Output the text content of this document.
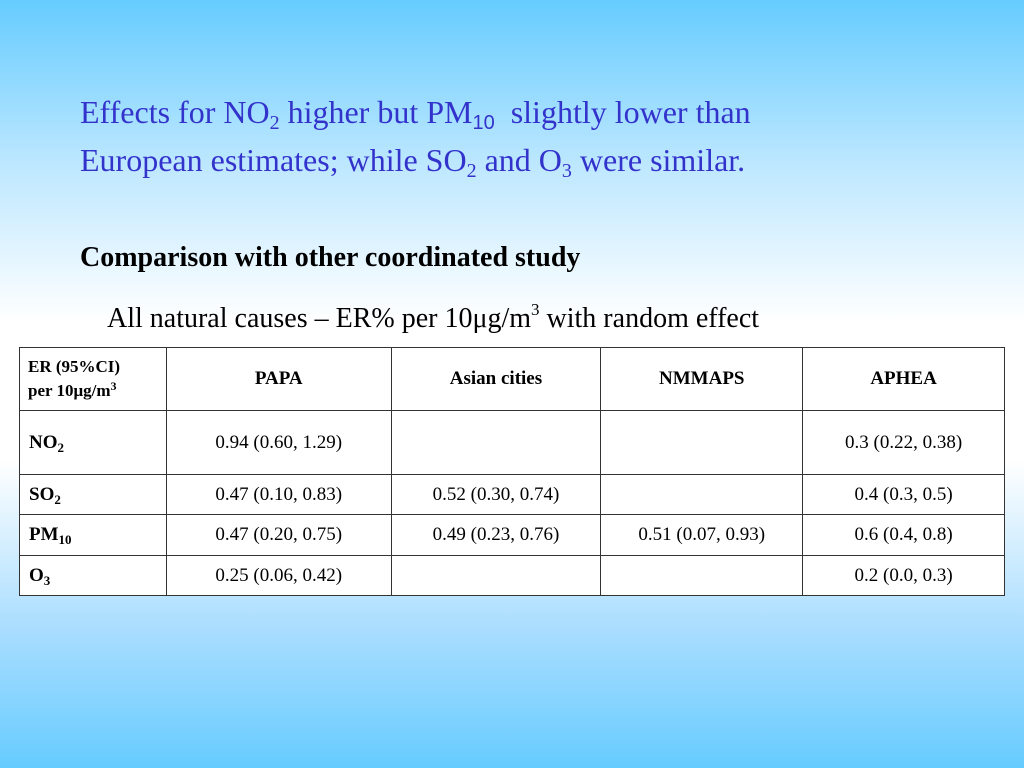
Effects for $NO_2$ higher but $PM_{10}$  slightly lower than
European estimates; while $SO_2$ and $O_3$ were similar.

Comparison with other coordinated study

All natural causes – ER% per $10\mu g/m^3$ with random effect

ER (95%CI)
per $10\mu g/m^3$	PAPA	Asian cities	NMMAPS	APHEA
$NO_2$	0.94 (0.60, 1.29)			0.3 (0.22, 0.38)
$SO_2$	0.47 (0.10, 0.83)	0.52 (0.30, 0.74)		0.4 (0.3, 0.5)
$PM_{10}$	0.47 (0.20, 0.75)	0.49 (0.23, 0.76)	0.51 (0.07, 0.93)	0.6 (0.4, 0.8)
$O_3$	0.25 (0.06, 0.42)			0.2 (0.0, 0.3)
